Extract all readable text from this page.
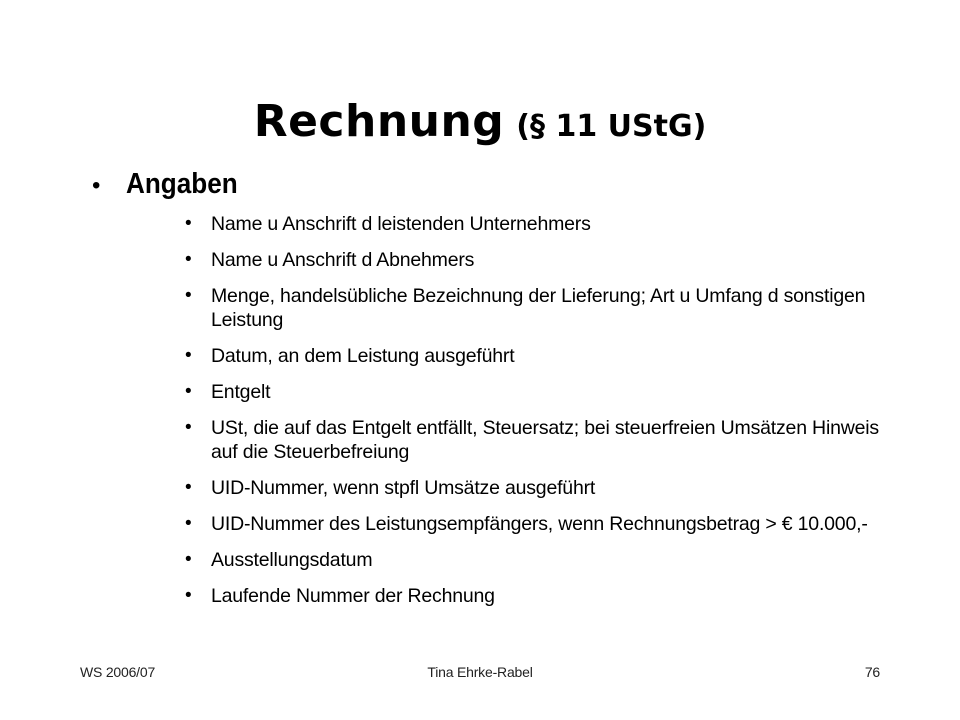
Rechnung (§ 11 UStG)
• Angaben
• Name u Anschrift d leistenden Unternehmers
• Name u Anschrift d Abnehmers
• Menge, handelsübliche Bezeichnung der Lieferung; Art u Umfang d sonstigen Leistung
• Datum, an dem Leistung ausgeführt
• Entgelt
• USt, die auf das Entgelt entfällt, Steuersatz; bei steuerfreien Umsätzen Hinweis auf die Steuerbefreiung
• UID-Nummer, wenn stpfl Umsätze ausgeführt
• UID-Nummer des Leistungsempfängers, wenn Rechnungsbetrag > € 10.000,-
• Ausstellungsdatum
• Laufende Nummer der Rechnung
WS 2006/07	Tina Ehrke-Rabel	76
